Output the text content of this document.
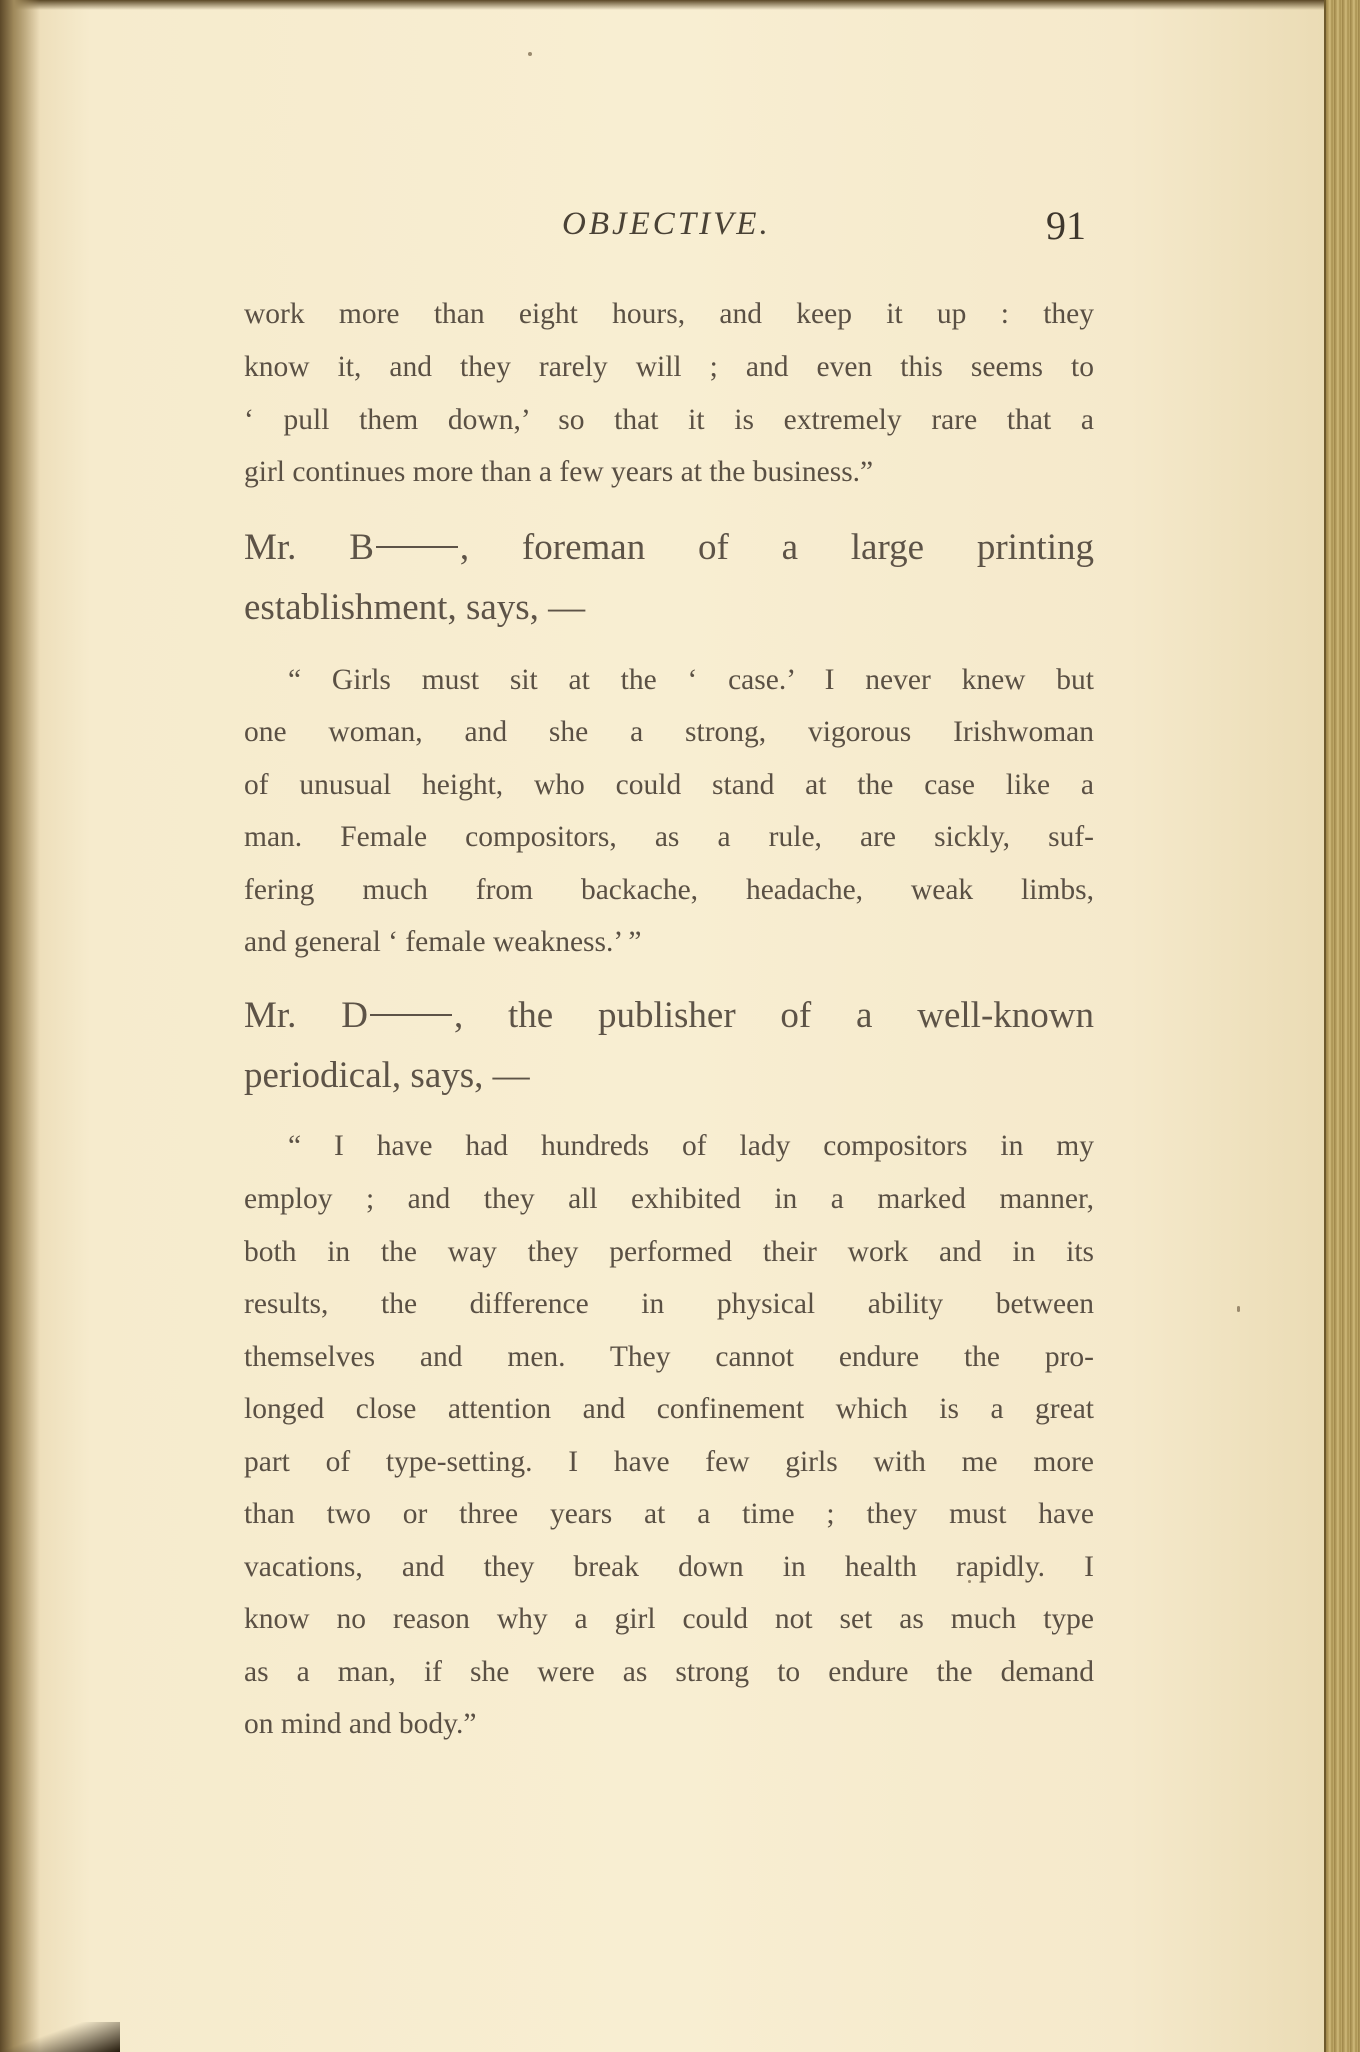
OBJECTIVE.	91
work more than eight hours, and keep it up : they
know it, and they rarely will ; and even this seems to
‘ pull them down,’ so that it is extremely rare that a
girl continues more than a few years at the business.”
Mr. B , foreman of a large printing
establishment, says, —
“ Girls must sit at the ‘ case.’ I never knew but
one woman, and she a strong, vigorous Irishwoman
of unusual height, who could stand at the case like a
man. Female compositors, as a rule, are sickly, suf-
fering much from backache, headache, weak limbs,
and general ‘ female weakness.’ ”
Mr. D , the publisher of a well-known
periodical, says, —
“ I have had hundreds of lady compositors in my
employ ; and they all exhibited in a marked manner,
both in the way they performed their work and in its
results, the difference in physical ability between
themselves and men. They cannot endure the pro-
longed close attention and confinement which is a great
part of type-setting. I have few girls with me more
than two or three years at a time ; they must have
vacations, and they break down in health rapidly. I
know no reason why a girl could not set as much type
as a man, if she were as strong to endure the demand
on mind and body.”
